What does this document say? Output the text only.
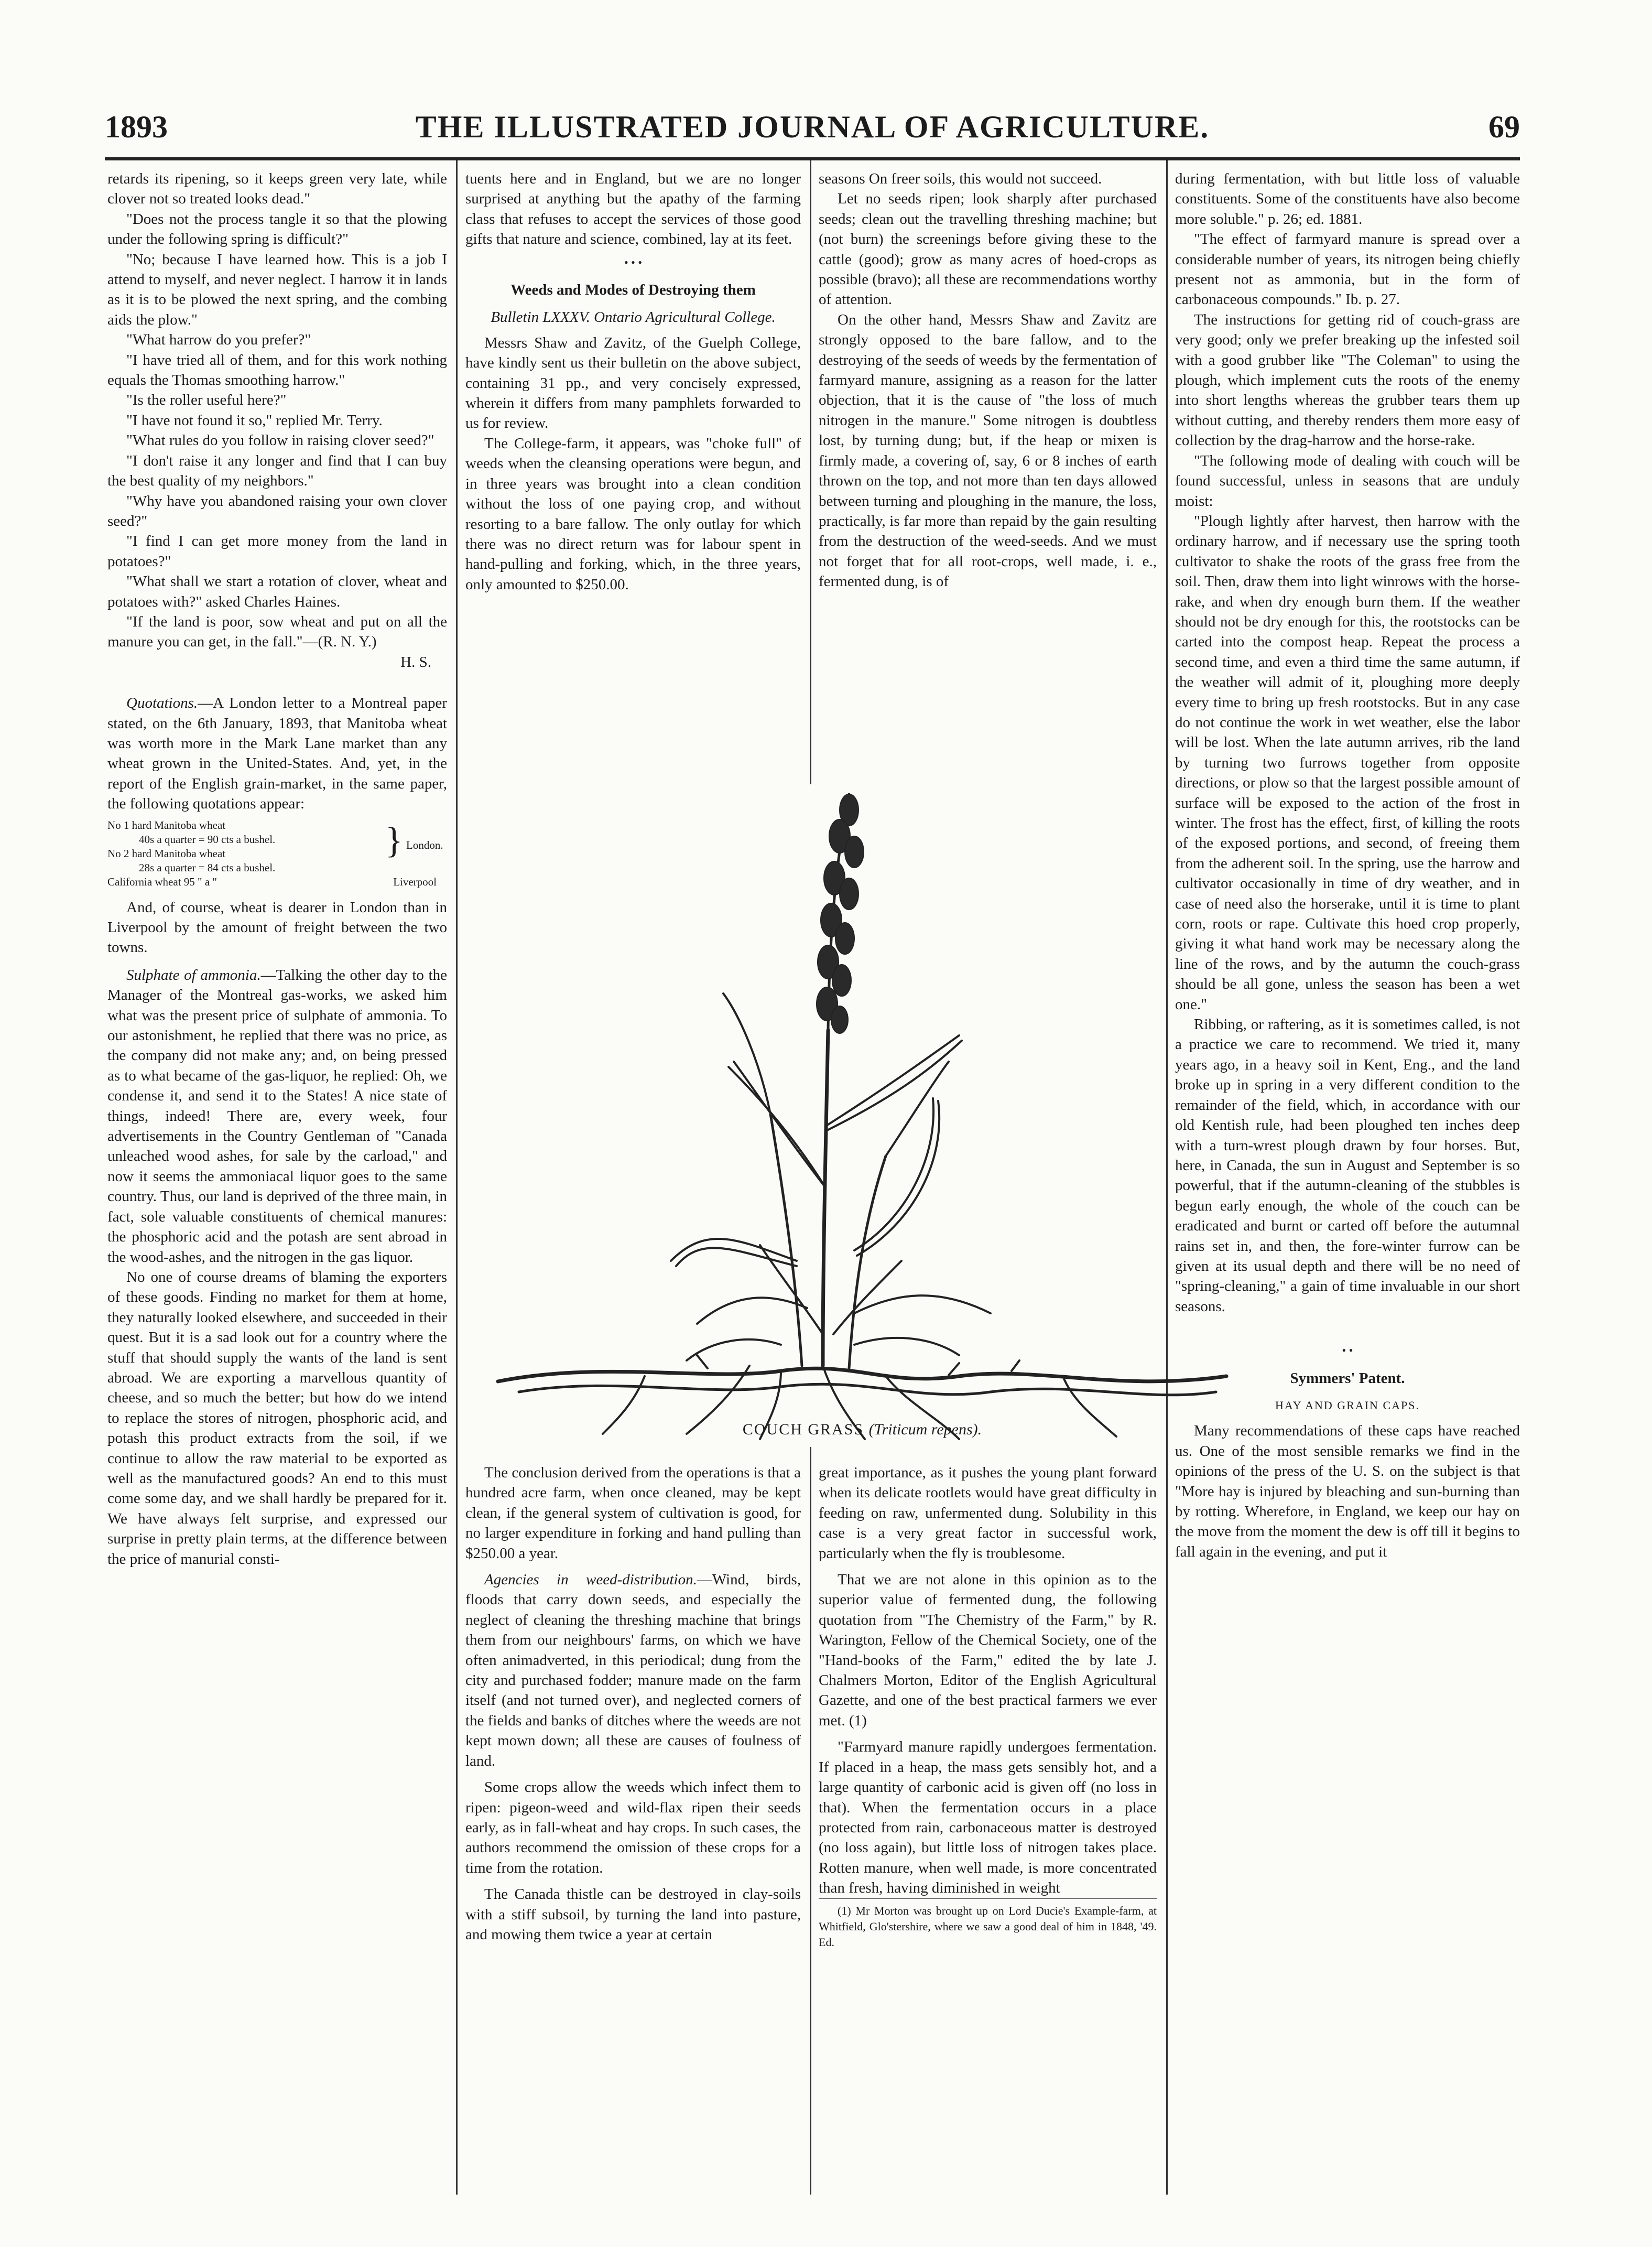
1893	THE ILLUSTRATED JOURNAL OF AGRICULTURE.	69

retards its ripening, so it keeps green very late, while clover not so treated looks dead."

"Does not the process tangle it so that the plowing under the following spring is difficult?"

"No; because I have learned how. This is a job I attend to myself, and never neglect. I harrow it in lands as it is to be plowed the next spring, and the combing aids the plow."

"What harrow do you prefer?"

"I have tried all of them, and for this work nothing equals the Thomas smoothing harrow."

"Is the roller useful here?"

"I have not found it so," replied Mr. Terry.

"What rules do you follow in raising clover seed?"

"I don't raise it any longer and find that I can buy the best quality of my neighbors."

"Why have you abandoned raising your own clover seed?"

"I find I can get more money from the land in potatoes?"

"What shall we start a rotation of clover, wheat and potatoes with?" asked Charles Haines.

"If the land is poor, sow wheat and put on all the manure you can get, in the fall."—(R. N. Y.)

H. S.

Quotations.—A London letter to a Montreal paper stated, on the 6th January, 1893, that Manitoba wheat was worth more in the Mark Lane market than any wheat grown in the United-States. And, yet, in the report of the English grain-market, in the same paper, the following quotations appear:

No 1 hard Manitoba wheat
40s a quarter = 90 cts a bushel.
No 2 hard Manitoba wheat
28s a quarter = 84 cts a bushel.
California wheat 95 " a "	Liverpool
} London.

And, of course, wheat is dearer in London than in Liverpool by the amount of freight between the two towns.

Sulphate of ammonia.—Talking the other day to the Manager of the Montreal gas-works, we asked him what was the present price of sulphate of ammonia. To our astonishment, he replied that there was no price, as the company did not make any; and, on being pressed as to what became of the gas-liquor, he replied: Oh, we condense it, and send it to the States! A nice state of things, indeed! There are, every week, four advertisements in the Country Gentleman of "Canada unleached wood ashes, for sale by the carload," and now it seems the ammoniacal liquor goes to the same country. Thus, our land is deprived of the three main, in fact, sole valuable constituents of chemical manures: the phosphoric acid and the potash are sent abroad in the wood-ashes, and the nitrogen in the gas liquor.

No one of course dreams of blaming the exporters of these goods. Finding no market for them at home, they naturally looked elsewhere, and succeeded in their quest. But it is a sad look out for a country where the stuff that should supply the wants of the land is sent abroad. We are exporting a marvellous quantity of cheese, and so much the better; but how do we intend to replace the stores of nitrogen, phosphoric acid, and potash this product extracts from the soil, if we continue to allow the raw material to be exported as well as the manufactured goods? An end to this must come some day, and we shall hardly be prepared for it. We have always felt surprise, and expressed our surprise in pretty plain terms, at the difference between the price of manurial consti-

tuents here and in England, but we are no longer surprised at anything but the apathy of the farming class that refuses to accept the services of those good gifts that nature and science, combined, lay at its feet.

• • •

Weeds and Modes of Destroying them

Bulletin LXXXV. Ontario Agricultural College.

Messrs Shaw and Zavitz, of the Guelph College, have kindly sent us their bulletin on the above subject, containing 31 pp., and very concisely expressed, wherein it differs from many pamphlets forwarded to us for review.

The College-farm, it appears, was "choke full" of weeds when the cleansing operations were begun, and in three years was brought into a clean condition without the loss of one paying crop, and without resorting to a bare fallow. The only outlay for which there was no direct return was for labour spent in hand-pulling and forking, which, in the three years, only amounted to $250.00.

seasons On freer soils, this would not succeed.

Let no seeds ripen; look sharply after purchased seeds; clean out the travelling threshing machine; but (not burn) the screenings before giving these to the cattle (good); grow as many acres of hoed-crops as possible (bravo); all these are recommendations worthy of attention.

On the other hand, Messrs Shaw and Zavitz are strongly opposed to the bare fallow, and to the destroying of the seeds of weeds by the fermentation of farmyard manure, assigning as a reason for the latter objection, that it is the cause of "the loss of much nitrogen in the manure." Some nitrogen is doubtless lost, by turning dung; but, if the heap or mixen is firmly made, a covering of, say, 6 or 8 inches of earth thrown on the top, and not more than ten days allowed between turning and ploughing in the manure, the loss, practically, is far more than repaid by the gain resulting from the destruction of the weed-seeds. And we must not forget that for all root-crops, well made, i. e., fermented dung, is of

COUCH GRASS (Triticum repens).

The conclusion derived from the operations is that a hundred acre farm, when once cleaned, may be kept clean, if the general system of cultivation is good, for no larger expenditure in forking and hand pulling than $250.00 a year.

Agencies in weed-distribution.—Wind, birds, floods that carry down seeds, and especially the neglect of cleaning the threshing machine that brings them from our neighbours' farms, on which we have often animadverted, in this periodical; dung from the city and purchased fodder; manure made on the farm itself (and not turned over), and neglected corners of the fields and banks of ditches where the weeds are not kept mown down; all these are causes of foulness of land.

Some crops allow the weeds which infect them to ripen: pigeon-weed and wild-flax ripen their seeds early, as in fall-wheat and hay crops. In such cases, the authors recommend the omission of these crops for a time from the rotation.

The Canada thistle can be destroyed in clay-soils with a stiff subsoil, by turning the land into pasture, and mowing them twice a year at certain

great importance, as it pushes the young plant forward when its delicate rootlets would have great difficulty in feeding on raw, unfermented dung. Solubility in this case is a very great factor in successful work, particularly when the fly is troublesome.

That we are not alone in this opinion as to the superior value of fermented dung, the following quotation from "The Chemistry of the Farm," by R. Warington, Fellow of the Chemical Society, one of the "Hand-books of the Farm," edited the by late J. Chalmers Morton, Editor of the English Agricultural Gazette, and one of the best practical farmers we ever met. (1)

"Farmyard manure rapidly undergoes fermentation. If placed in a heap, the mass gets sensibly hot, and a large quantity of carbonic acid is given off (no loss in that). When the fermentation occurs in a place protected from rain, carbonaceous matter is destroyed (no loss again), but little loss of nitrogen takes place. Rotten manure, when well made, is more concentrated than fresh, having diminished in weight

(1) Mr Morton was brought up on Lord Ducie's Example-farm, at Whitfield, Glo'stershire, where we saw a good deal of him in 1848, '49. Ed.

during fermentation, with but little loss of valuable constituents. Some of the constituents have also become more soluble." p. 26; ed. 1881.

"The effect of farmyard manure is spread over a considerable number of years, its nitrogen being chiefly present not as ammonia, but in the form of carbonaceous compounds." Ib. p. 27.

The instructions for getting rid of couch-grass are very good; only we prefer breaking up the infested soil with a good grubber like "The Coleman" to using the plough, which implement cuts the roots of the enemy into short lengths whereas the grubber tears them up without cutting, and thereby renders them more easy of collection by the drag-harrow and the horse-rake.

"The following mode of dealing with couch will be found successful, unless in seasons that are unduly moist:

"Plough lightly after harvest, then harrow with the ordinary harrow, and if necessary use the spring tooth cultivator to shake the roots of the grass free from the soil. Then, draw them into light winrows with the horse-rake, and when dry enough burn them. If the weather should not be dry enough for this, the rootstocks can be carted into the compost heap. Repeat the process a second time, and even a third time the same autumn, if the weather will admit of it, ploughing more deeply every time to bring up fresh rootstocks. But in any case do not continue the work in wet weather, else the labor will be lost. When the late autumn arrives, rib the land by turning two furrows together from opposite directions, or plow so that the largest possible amount of surface will be exposed to the action of the frost in winter. The frost has the effect, first, of killing the roots of the exposed portions, and second, of freeing them from the adherent soil. In the spring, use the harrow and cultivator occasionally in time of dry weather, and in case of need also the horserake, until it is time to plant corn, roots or rape. Cultivate this hoed crop properly, giving it what hand work may be necessary along the line of the rows, and by the autumn the couch-grass should be all gone, unless the season has been a wet one."

Ribbing, or raftering, as it is sometimes called, is not a practice we care to recommend. We tried it, many years ago, in a heavy soil in Kent, Eng., and the land broke up in spring in a very different condition to the remainder of the field, which, in accordance with our old Kentish rule, had been ploughed ten inches deep with a turn-wrest plough drawn by four horses. But, here, in Canada, the sun in August and September is so powerful, that if the autumn-cleaning of the stubbles is begun early enough, the whole of the couch can be eradicated and burnt or carted off before the autumnal rains set in, and then, the fore-winter furrow can be given at its usual depth and there will be no need of "spring-cleaning," a gain of time invaluable in our short seasons.

• •

Symmers' Patent.

HAY AND GRAIN CAPS.

Many recommendations of these caps have reached us. One of the most sensible remarks we find in the opinions of the press of the U. S. on the subject is that "More hay is injured by bleaching and sun-burning than by rotting. Wherefore, in England, we keep our hay on the move from the moment the dew is off till it begins to fall again in the evening, and put it
